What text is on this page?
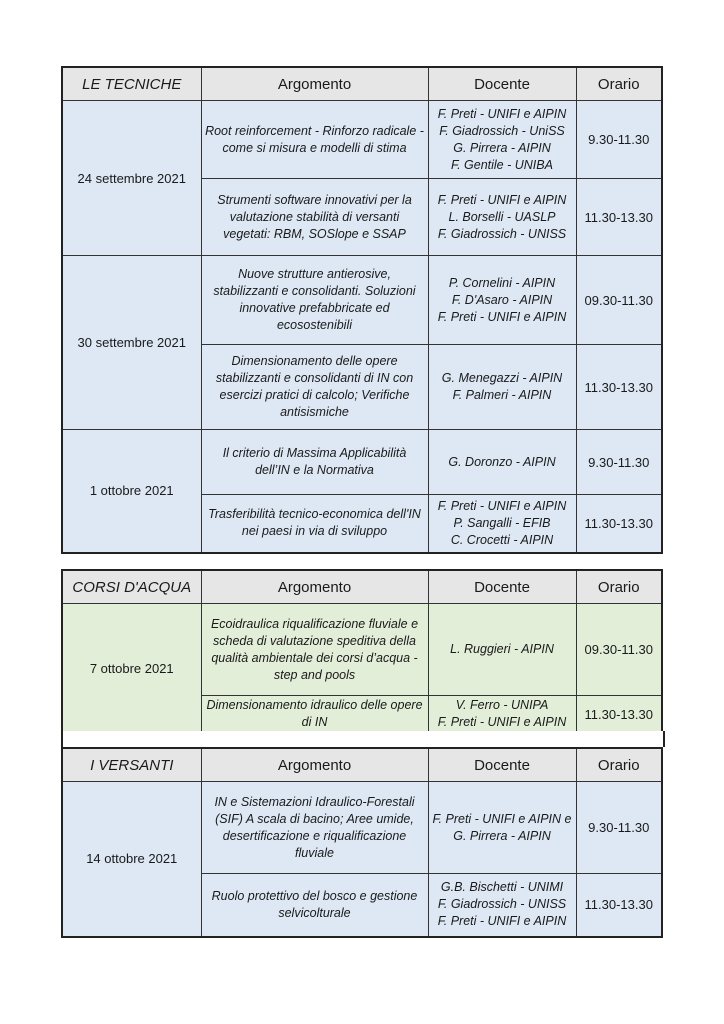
LE TECNICHE	Argomento	Docente	Orario
24 settembre 2021	Root reinforcement - Rinforzo radicale - come si misura e modelli di stima	F. Preti - UNIFI e AIPIN
F. Giadrossich - UniSS
G. Pirrera - AIPIN
F. Gentile - UNIBA	9.30-11.30
	Strumenti software innovativi per la valutazione stabilità di versanti vegetati: RBM, SOSlope e SSAP	F. Preti - UNIFI e AIPIN
L. Borselli - UASLP
F. Giadrossich - UNISS	11.30-13.30
30 settembre 2021	Nuove strutture antierosive, stabilizzanti e consolidanti. Soluzioni innovative prefabbricate ed ecosostenibili	P. Cornelini - AIPIN
F. D'Asaro - AIPIN
F. Preti - UNIFI e AIPIN	09.30-11.30
	Dimensionamento delle opere stabilizzanti e consolidanti di IN con esercizi pratici di calcolo; Verifiche antisismiche	G. Menegazzi - AIPIN
F. Palmeri - AIPIN	11.30-13.30
1 ottobre 2021	Il criterio di Massima Applicabilità dell’IN e la Normativa	G. Doronzo - AIPIN	9.30-11.30
	Trasferibilità tecnico-economica dell'IN nei paesi in via di sviluppo	F. Preti - UNIFI e AIPIN
P. Sangalli - EFIB
C. Crocetti - AIPIN	11.30-13.30
CORSI D'ACQUA	Argomento	Docente	Orario
7 ottobre 2021	Ecoidraulica riqualificazione fluviale e scheda di valutazione speditiva della qualità ambientale dei corsi d’acqua - step and pools	L. Ruggieri - AIPIN	09.30-11.30
	Dimensionamento idraulico delle opere di IN	V. Ferro - UNIPA
F. Preti - UNIFI e AIPIN	11.30-13.30
I VERSANTI	Argomento	Docente	Orario
14 ottobre 2021	IN e Sistemazioni Idraulico-Forestali (SIF) A scala di bacino; Aree umide, desertificazione e riqualificazione fluviale	F. Preti - UNIFI e AIPIN e
G. Pirrera - AIPIN	9.30-11.30
	Ruolo protettivo del bosco e gestione selvicolturale	G.B. Bischetti - UNIMI
F. Giadrossich - UNISS
F. Preti - UNIFI e AIPIN	11.30-13.30
